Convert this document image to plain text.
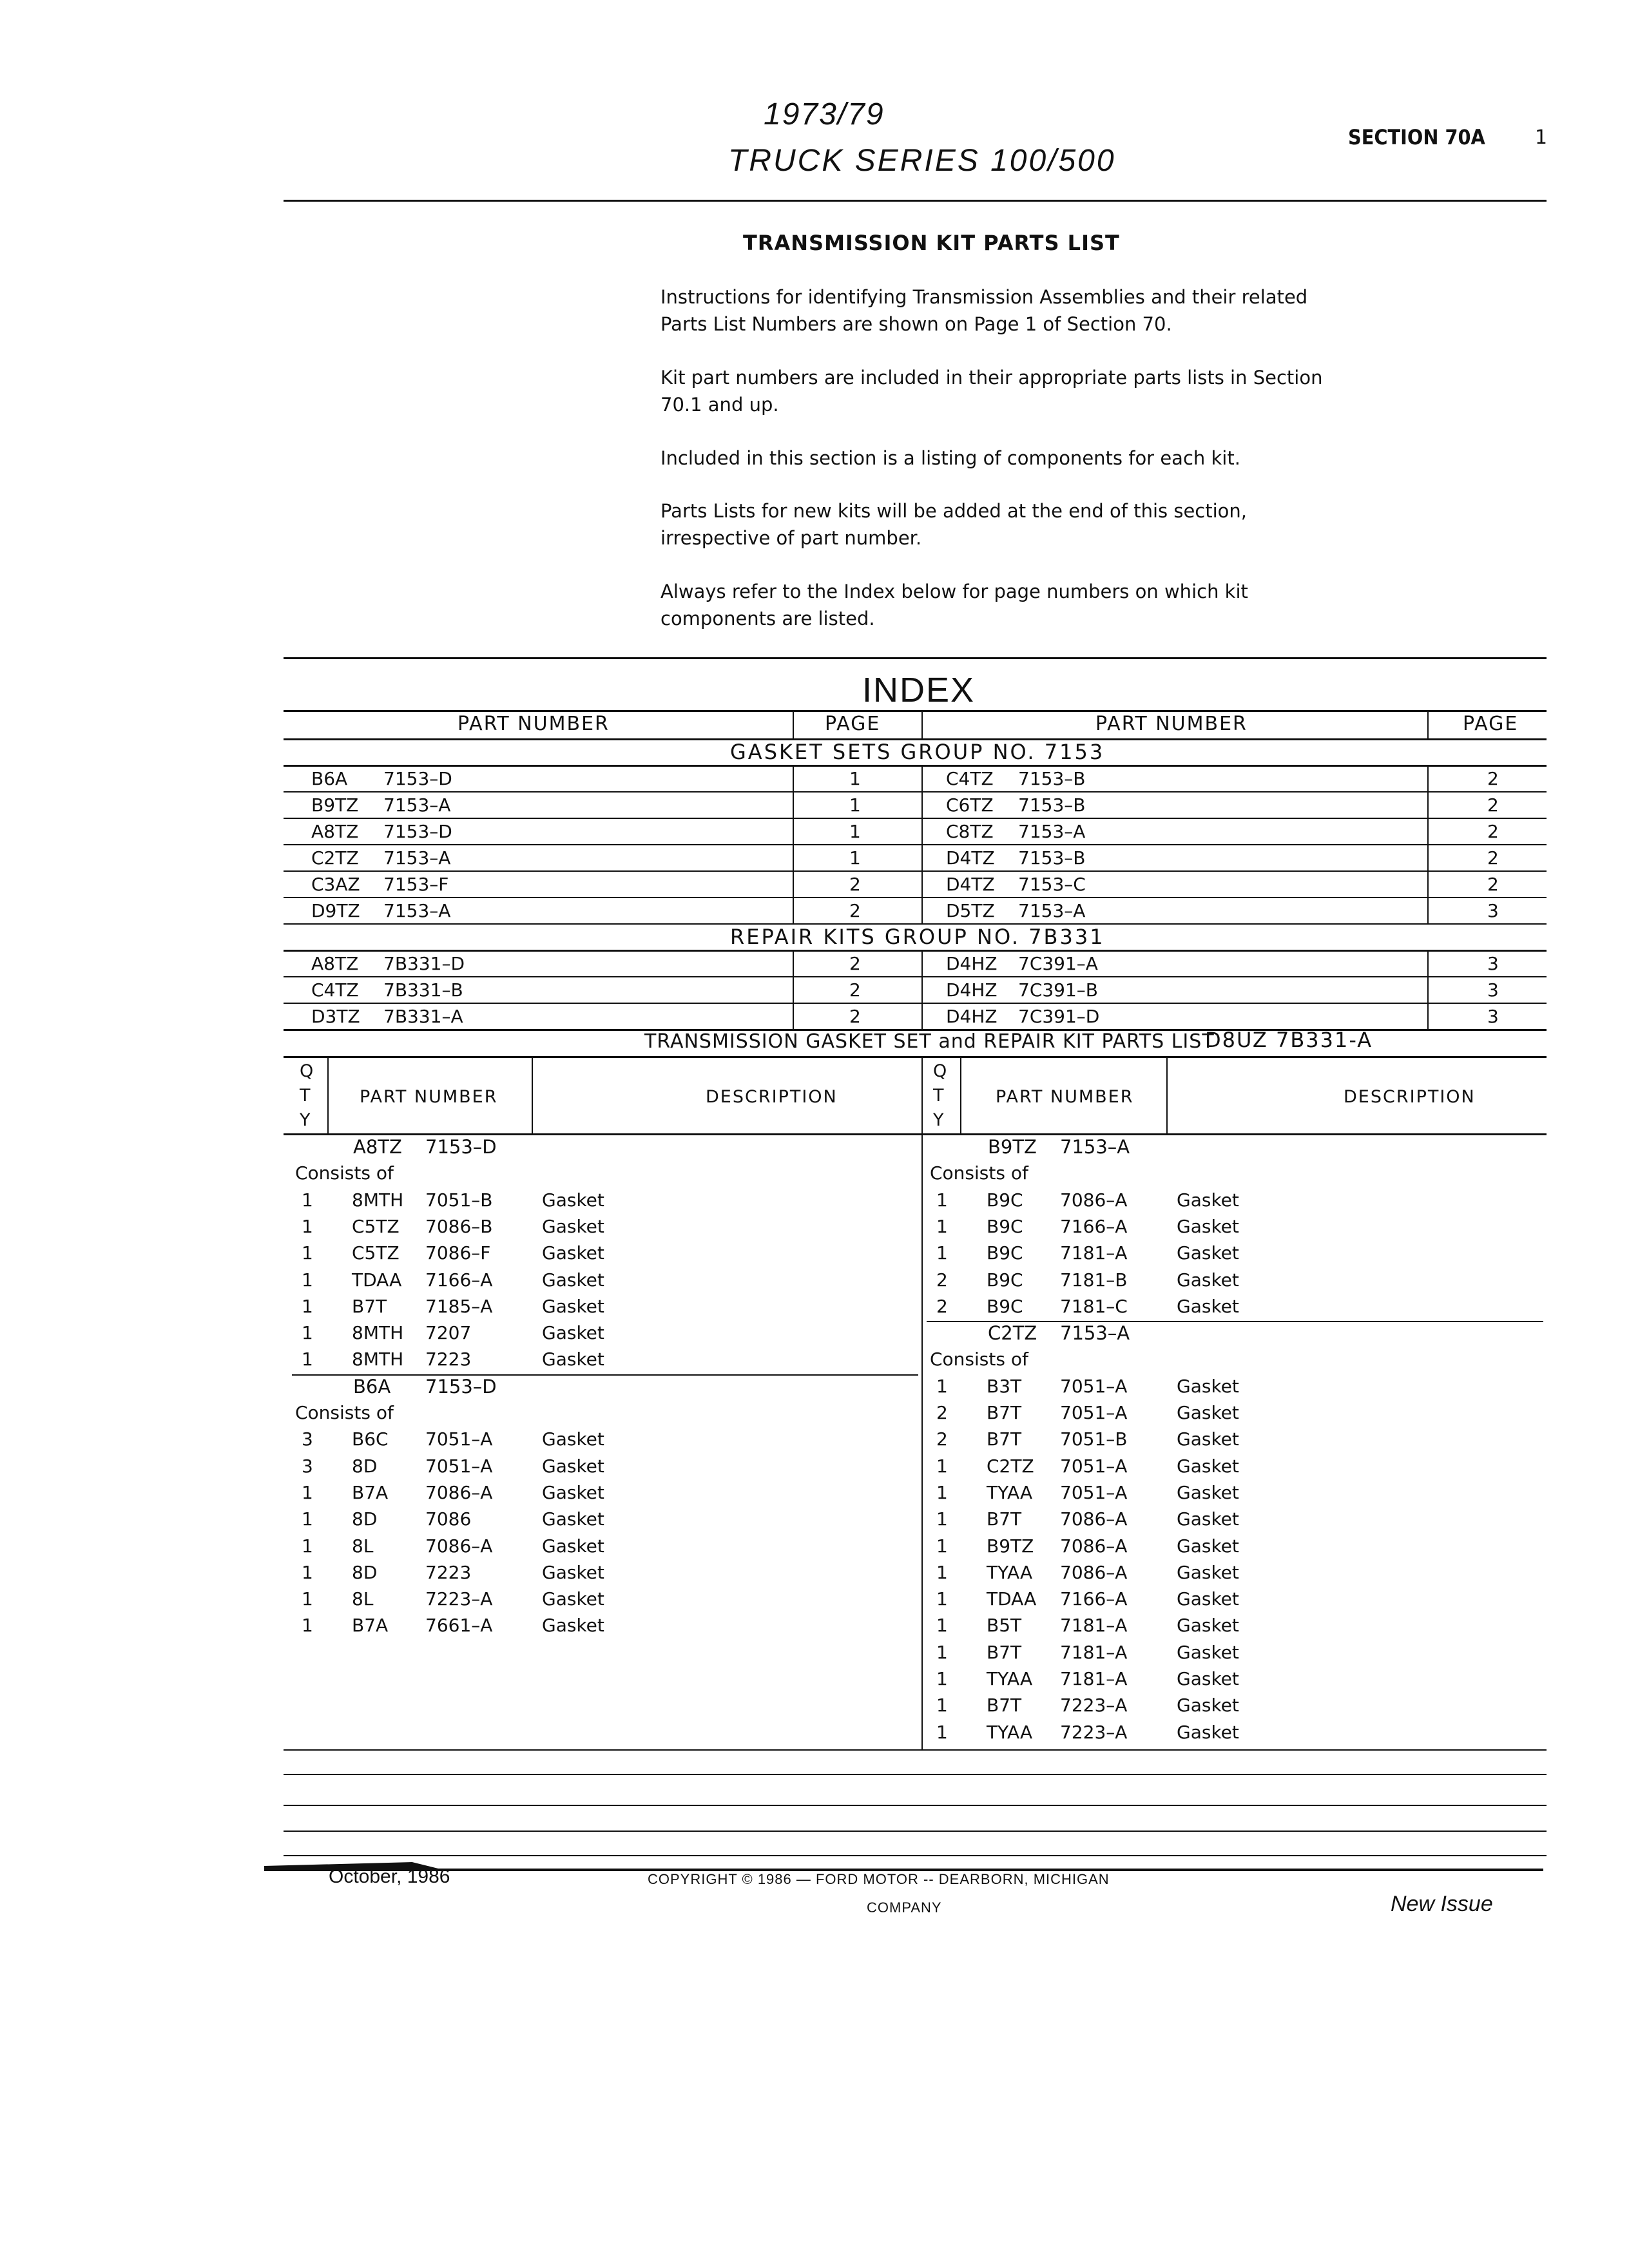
1973/79
TRUCK SERIES 100/500
SECTION 70A	1
TRANSMISSION KIT PARTS LIST
Instructions for identifying Transmission Assemblies and their related Parts List Numbers are shown on Page 1 of Section 70.
Kit part numbers are included in their appropriate parts lists in Section 70.1 and up.
Included in this section is a listing of components for each kit.
Parts Lists for new kits will be added at the end of this section, irrespective of part number.
Always refer to the Index below for page numbers on which kit components are listed.
INDEX
PART NUMBER	PAGE	PART NUMBER	PAGE
GASKET SETS GROUP NO. 7153
B6A 7153–D	1	C4TZ 7153–B	2
B9TZ 7153–A	1	C6TZ 7153–B	2
A8TZ 7153–D	1	C8TZ 7153–A	2
C2TZ 7153–A	1	D4TZ 7153–B	2
C3AZ 7153–F	2	D4TZ 7153–C	2
D9TZ 7153–A	2	D5TZ 7153–A	3
REPAIR KITS GROUP NO. 7B331
A8TZ 7B331–D	2	D4HZ 7C391–A	3
C4TZ 7B331–B	2	D4HZ 7C391–B	3
D3TZ 7B331–A	2	D4HZ 7C391–D	3
TRANSMISSION GASKET SET and REPAIR KIT PARTS LIST
D8UZ 7B331-A
Q	Q
T	T
Y	Y
PART NUMBER	DESCRIPTION	PART NUMBER	DESCRIPTION
A8TZ 7153–D
Consists of
1 8MTH 7051–B	Gasket
1 C5TZ 7086–B	Gasket
1 C5TZ 7086–F	Gasket
1 TDAA 7166–A	Gasket
1 B7T 7185–A	Gasket
1 8MTH 7207	Gasket
1 8MTH 7223	Gasket
B6A 7153–D
Consists of
3 B6C 7051–A	Gasket
3 8D	7051–A	Gasket
1 B7A 7086–A	Gasket
1 8D	7086	Gasket
1 8L	7086–A	Gasket
1 8D	7223	Gasket
1 8L	7223–A	Gasket
1 B7A 7661–A	Gasket
B9TZ 7153–A
Consists of
1 B9C 7086–A	Gasket
1 B9C 7166–A	Gasket
1 B9C 7181–A	Gasket
2 B9C 7181–B	Gasket
2 B9C 7181–C	Gasket
C2TZ 7153–A
Consists of
1 B3T 7051–A	Gasket
2 B7T 7051–A	Gasket
2 B7T 7051–B	Gasket
1 C2TZ 7051–A	Gasket
1 TYAA 7051–A	Gasket
1 B7T 7086–A	Gasket
1 B9TZ 7086–A	Gasket
1 TYAA 7086–A	Gasket
1 TDAA 7166–A	Gasket
1 B5T 7181–A	Gasket
1 B7T 7181–A	Gasket
1 TYAA 7181–A	Gasket
1 B7T 7223–A	Gasket
1 TYAA 7223–A	Gasket
October, 1986	COPYRIGHT © 1986 — FORD MOTOR -- DEARBORN, MICHIGAN
COMPANY	New Issue
